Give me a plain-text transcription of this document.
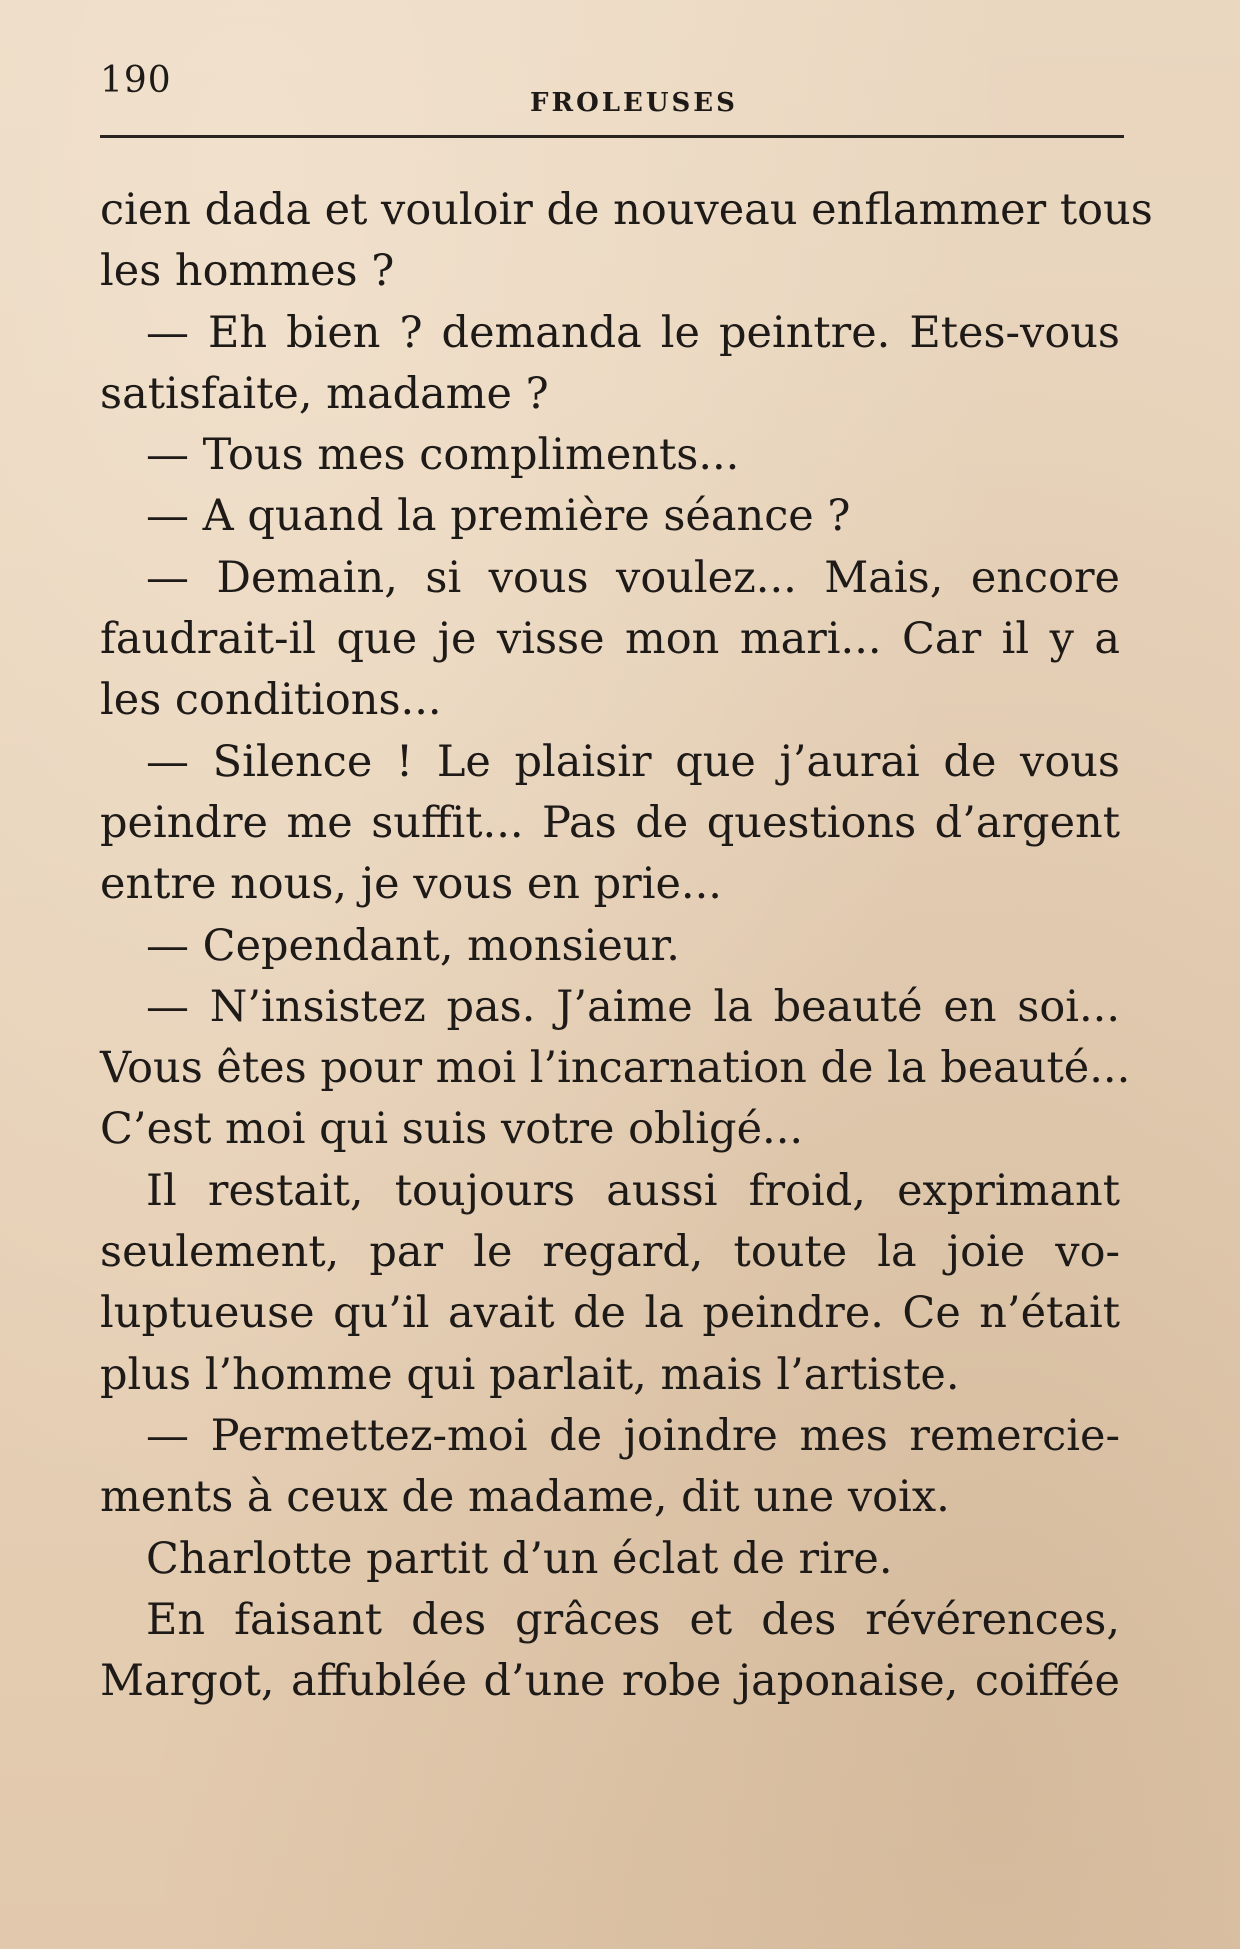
190
FROLEUSES
cien dada et vouloir de nouveau enflammer tous
les hommes ?
— Eh bien ? demanda le peintre. Etes-vous
satisfaite, madame ?
— Tous mes compliments...
— A quand la première séance ?
— Demain, si vous voulez... Mais, encore
faudrait-il que je visse mon mari... Car il y a
les conditions...
— Silence ! Le plaisir que j’aurai de vous
peindre me suffit... Pas de questions d’argent
entre nous, je vous en prie...
— Cependant, monsieur.
— N’insistez pas. J’aime la beauté en soi...
Vous êtes pour moi l’incarnation de la beauté...
C’est moi qui suis votre obligé...
Il restait, toujours aussi froid, exprimant
seulement, par le regard, toute la joie vo-
luptueuse qu’il avait de la peindre. Ce n’était
plus l’homme qui parlait, mais l’artiste.
— Permettez-moi de joindre mes remercie-
ments à ceux de madame, dit une voix.
Charlotte partit d’un éclat de rire.
En faisant des grâces et des révérences,
Margot, affublée d’une robe japonaise, coiffée
